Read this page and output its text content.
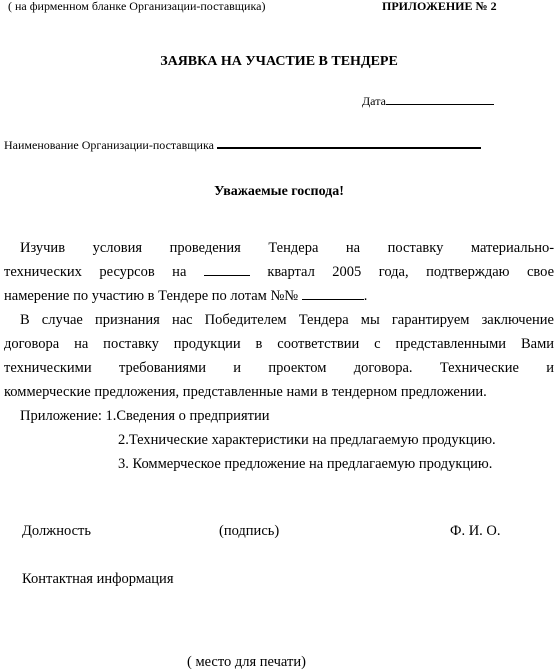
( на фирменном бланке Организации-поставщика)	ПРИЛОЖЕНИЕ № 2
ЗАЯВКА НА УЧАСТИЕ В ТЕНДЕРЕ
Дата
Наименование Организации-поставщика
Уважаемые господа!
Изучив условия проведения Тендера на поставку материально-
технических ресурсов на	квартал 2005 года, подтверждаю свое
намерение по участию в Тендере по лотам №№	.
В случае признания нас Победителем Тендера мы гарантируем заключение
договора на поставку продукции в соответствии с представленными Вами
техническими требованиями и проектом договора. Технические и
коммерческие предложения, представленные нами в тендерном предложении.
Приложение: 1.Сведения о предприятии
2.Технические характеристики на предлагаемую продукцию.
3. Коммерческое предложение на предлагаемую продукцию.
Должность	(подпись)	Ф. И. О.
Контактная информация
( место для печати)
